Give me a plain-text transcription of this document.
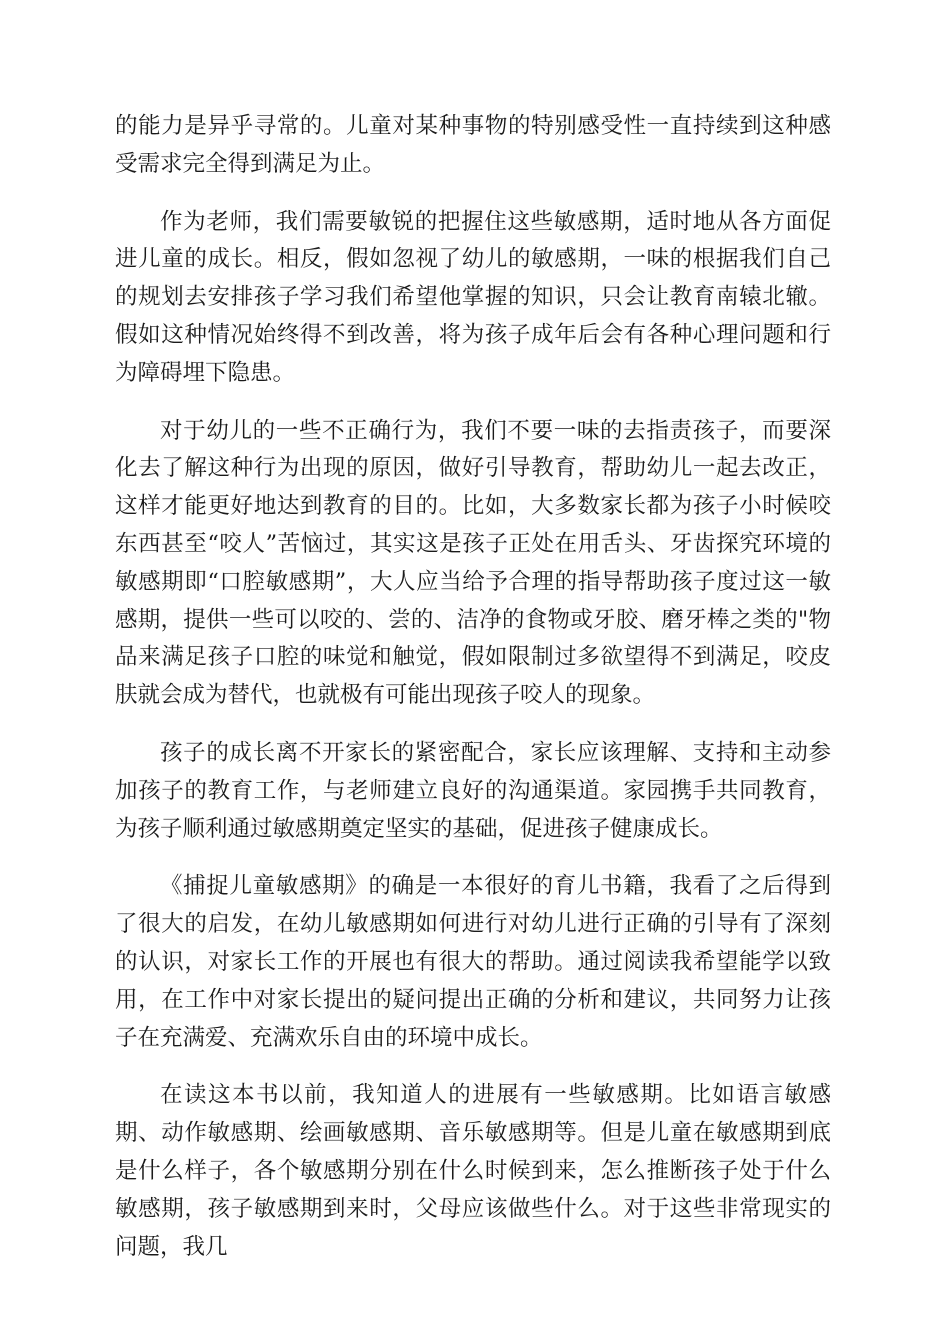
的能力是异乎寻常的。儿童对某种事物的特别感受性一直持续到这种感受需求完全得到满足为止。

作为老师，我们需要敏锐的把握住这些敏感期，适时地从各方面促进儿童的成长。相反，假如忽视了幼儿的敏感期，一味的根据我们自己的规划去安排孩子学习我们希望他掌握的知识，只会让教育南辕北辙。假如这种情况始终得不到改善，将为孩子成年后会有各种心理问题和行为障碍埋下隐患。

对于幼儿的一些不正确行为，我们不要一味的去指责孩子，而要深化去了解这种行为出现的原因，做好引导教育，帮助幼儿一起去改正，这样才能更好地达到教育的目的。比如，大多数家长都为孩子小时候咬东西甚至“咬人”苦恼过，其实这是孩子正处在用舌头、牙齿探究环境的敏感期即“口腔敏感期”，大人应当给予合理的指导帮助孩子度过这一敏感期，提供一些可以咬的、尝的、洁净的食物或牙胶、磨牙棒之类的"物品来满足孩子口腔的味觉和触觉，假如限制过多欲望得不到满足，咬皮肤就会成为替代，也就极有可能出现孩子咬人的现象。

孩子的成长离不开家长的紧密配合，家长应该理解、支持和主动参加孩子的教育工作，与老师建立良好的沟通渠道。家园携手共同教育，为孩子顺利通过敏感期奠定坚实的基础，促进孩子健康成长。

《捕捉儿童敏感期》的确是一本很好的育儿书籍，我看了之后得到了很大的启发，在幼儿敏感期如何进行对幼儿进行正确的引导有了深刻的认识，对家长工作的开展也有很大的帮助。通过阅读我希望能学以致用，在工作中对家长提出的疑问提出正确的分析和建议，共同努力让孩子在充满爱、充满欢乐自由的环境中成长。

在读这本书以前，我知道人的进展有一些敏感期。比如语言敏感期、动作敏感期、绘画敏感期、音乐敏感期等。但是儿童在敏感期到底是什么样子，各个敏感期分别在什么时候到来，怎么推断孩子处于什么敏感期，孩子敏感期到来时，父母应该做些什么。对于这些非常现实的问题，我几
